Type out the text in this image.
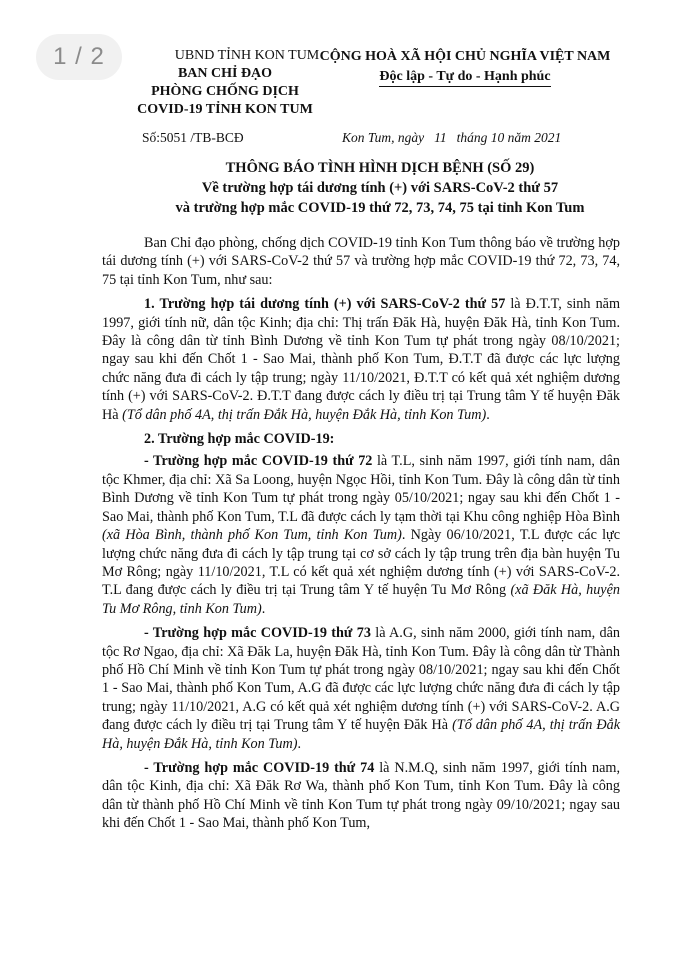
1 / 2	UBND TỈNH KON TUM
BAN CHỈ ĐẠO
PHÒNG CHỐNG DỊCH
COVID-19 TỈNH KON TUM
CỘNG HOÀ XÃ HỘI CHỦ NGHĨA VIỆT NAM
Độc lập - Tự do - Hạnh phúc
Số:5051 /TB-BCĐ	Kon Tum, ngày 11 tháng 10 năm 2021
THÔNG BÁO TÌNH HÌNH DỊCH BỆNH (SỐ 29)
Về trường hợp tái dương tính (+) với SARS-CoV-2 thứ 57
và trường hợp mắc COVID-19 thứ 72, 73, 74, 75 tại tỉnh Kon Tum

Ban Chỉ đạo phòng, chống dịch COVID-19 tỉnh Kon Tum thông báo về trường hợp tái dương tính (+) với SARS-CoV-2 thứ 57 và trường hợp mắc COVID-19 thứ 72, 73, 74, 75 tại tỉnh Kon Tum, như sau:

1. Trường hợp tái dương tính (+) với SARS-CoV-2 thứ 57 là Đ.T.T, sinh năm 1997, giới tính nữ, dân tộc Kinh; địa chỉ: Thị trấn Đăk Hà, huyện Đăk Hà, tỉnh Kon Tum. Đây là công dân từ tỉnh Bình Dương về tỉnh Kon Tum tự phát trong ngày 08/10/2021; ngay sau khi đến Chốt 1 - Sao Mai, thành phố Kon Tum, Đ.T.T đã được các lực lượng chức năng đưa đi cách ly tập trung; ngày 11/10/2021, Đ.T.T có kết quả xét nghiệm dương tính (+) với SARS-CoV-2. Đ.T.T đang được cách ly điều trị tại Trung tâm Y tế huyện Đăk Hà (Tổ dân phố 4A, thị trấn Đắk Hà, huyện Đắk Hà, tỉnh Kon Tum).

2. Trường hợp mắc COVID-19:

- Trường hợp mắc COVID-19 thứ 72 là T.L, sinh năm 1997, giới tính nam, dân tộc Khmer, địa chỉ: Xã Sa Loong, huyện Ngọc Hồi, tỉnh Kon Tum. Đây là công dân từ tỉnh Bình Dương về tỉnh Kon Tum tự phát trong ngày 05/10/2021; ngay sau khi đến Chốt 1 - Sao Mai, thành phố Kon Tum, T.L đã được cách ly tạm thời tại Khu công nghiệp Hòa Bình (xã Hòa Bình, thành phố Kon Tum, tỉnh Kon Tum). Ngày 06/10/2021, T.L được các lực lượng chức năng đưa đi cách ly tập trung tại cơ sở cách ly tập trung trên địa bàn huyện Tu Mơ Rông; ngày 11/10/2021, T.L có kết quả xét nghiệm dương tính (+) với SARS-CoV-2. T.L đang được cách ly điều trị tại Trung tâm Y tế huyện Tu Mơ Rông (xã Đăk Hà, huyện Tu Mơ Rông, tỉnh Kon Tum).

- Trường hợp mắc COVID-19 thứ 73 là A.G, sinh năm 2000, giới tính nam, dân tộc Rơ Ngao, địa chỉ: Xã Đăk La, huyện Đăk Hà, tỉnh Kon Tum. Đây là công dân từ Thành phố Hồ Chí Minh về tỉnh Kon Tum tự phát trong ngày 08/10/2021; ngay sau khi đến Chốt 1 - Sao Mai, thành phố Kon Tum, A.G đã được các lực lượng chức năng đưa đi cách ly tập trung; ngày 11/10/2021, A.G có kết quả xét nghiệm dương tính (+) với SARS-CoV-2. A.G đang được cách ly điều trị tại Trung tâm Y tế huyện Đăk Hà (Tổ dân phố 4A, thị trấn Đắk Hà, huyện Đắk Hà, tỉnh Kon Tum).

- Trường hợp mắc COVID-19 thứ 74 là N.M.Q, sinh năm 1997, giới tính nam, dân tộc Kinh, địa chỉ: Xã Đăk Rơ Wa, thành phố Kon Tum, tỉnh Kon Tum. Đây là công dân từ thành phố Hồ Chí Minh về tỉnh Kon Tum tự phát trong ngày 09/10/2021; ngay sau khi đến Chốt 1 - Sao Mai, thành phố Kon Tum,
